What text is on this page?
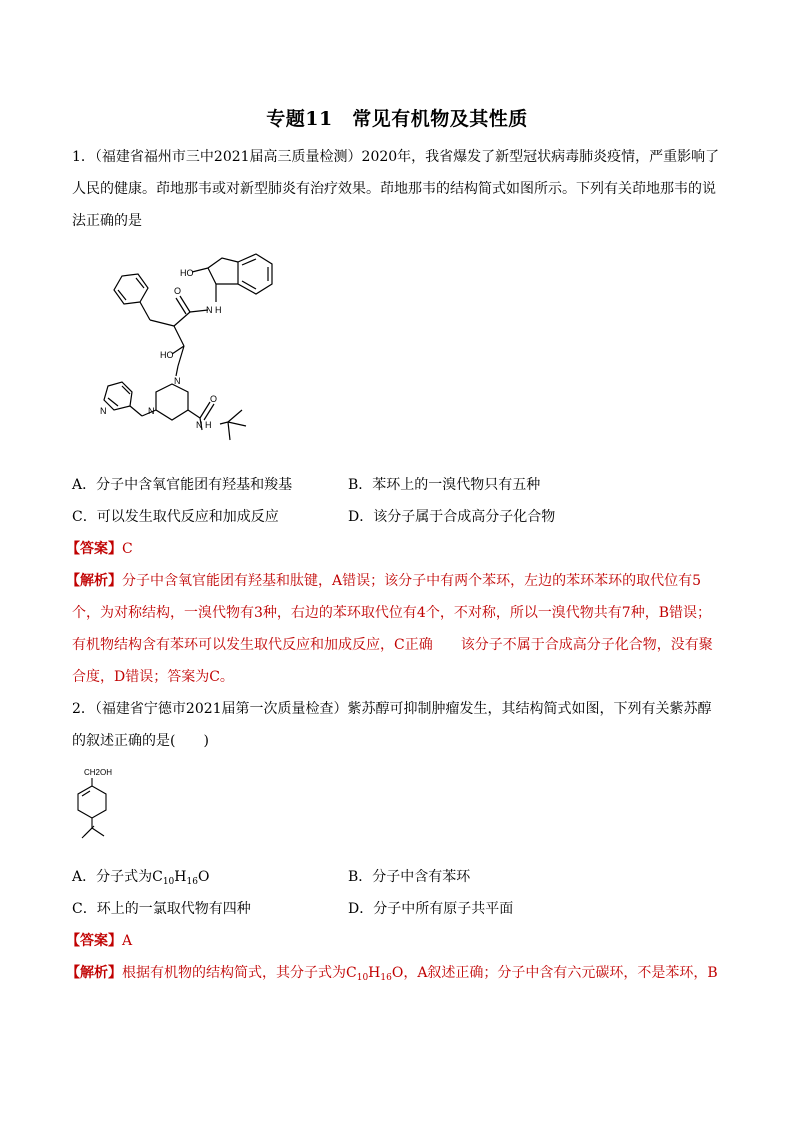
专题11　常见有机物及其性质
1．（福建省福州市三中2021届高三质量检测）2020年，我省爆发了新型冠状病毒肺炎疫情，严重影响了
人民的健康。茚地那韦或对新型肺炎有治疗效果。茚地那韦的结构简式如图所示。下列有关茚地那韦的说
法正确的是
HO
N H
O
HO
N
N
N
O
N H
A．分子中含氧官能团有羟基和羧基	B．苯环上的一溴代物只有五种
C．可以发生取代反应和加成反应	D．该分子属于合成高分子化合物
【答案】C
【解析】分子中含氧官能团有羟基和肽键，A错误；该分子中有两个苯环，左边的苯环苯环的取代位有5
个，为对称结构，一溴代物有3种，右边的苯环取代位有4个，不对称，所以一溴代物共有7种，B错误；
有机物结构含有苯环可以发生取代反应和加成反应，C正确　　该分子不属于合成高分子化合物，没有聚
合度，D错误；答案为C。
2．（福建省宁德市2021届第一次质量检查）紫苏醇可抑制肿瘤发生，其结构简式如图，下列有关紫苏醇
的叙述正确的是(　　)
CH2OH
A．分子式为$C_{10}H_{16}O$	B．分子中含有苯环
C．环上的一氯取代物有四种	D．分子中所有原子共平面
【答案】A
【解析】根据有机物的结构简式，其分子式为$C_{10}H_{16}O$，A叙述正确；分子中含有六元碳环，不是苯环，B
